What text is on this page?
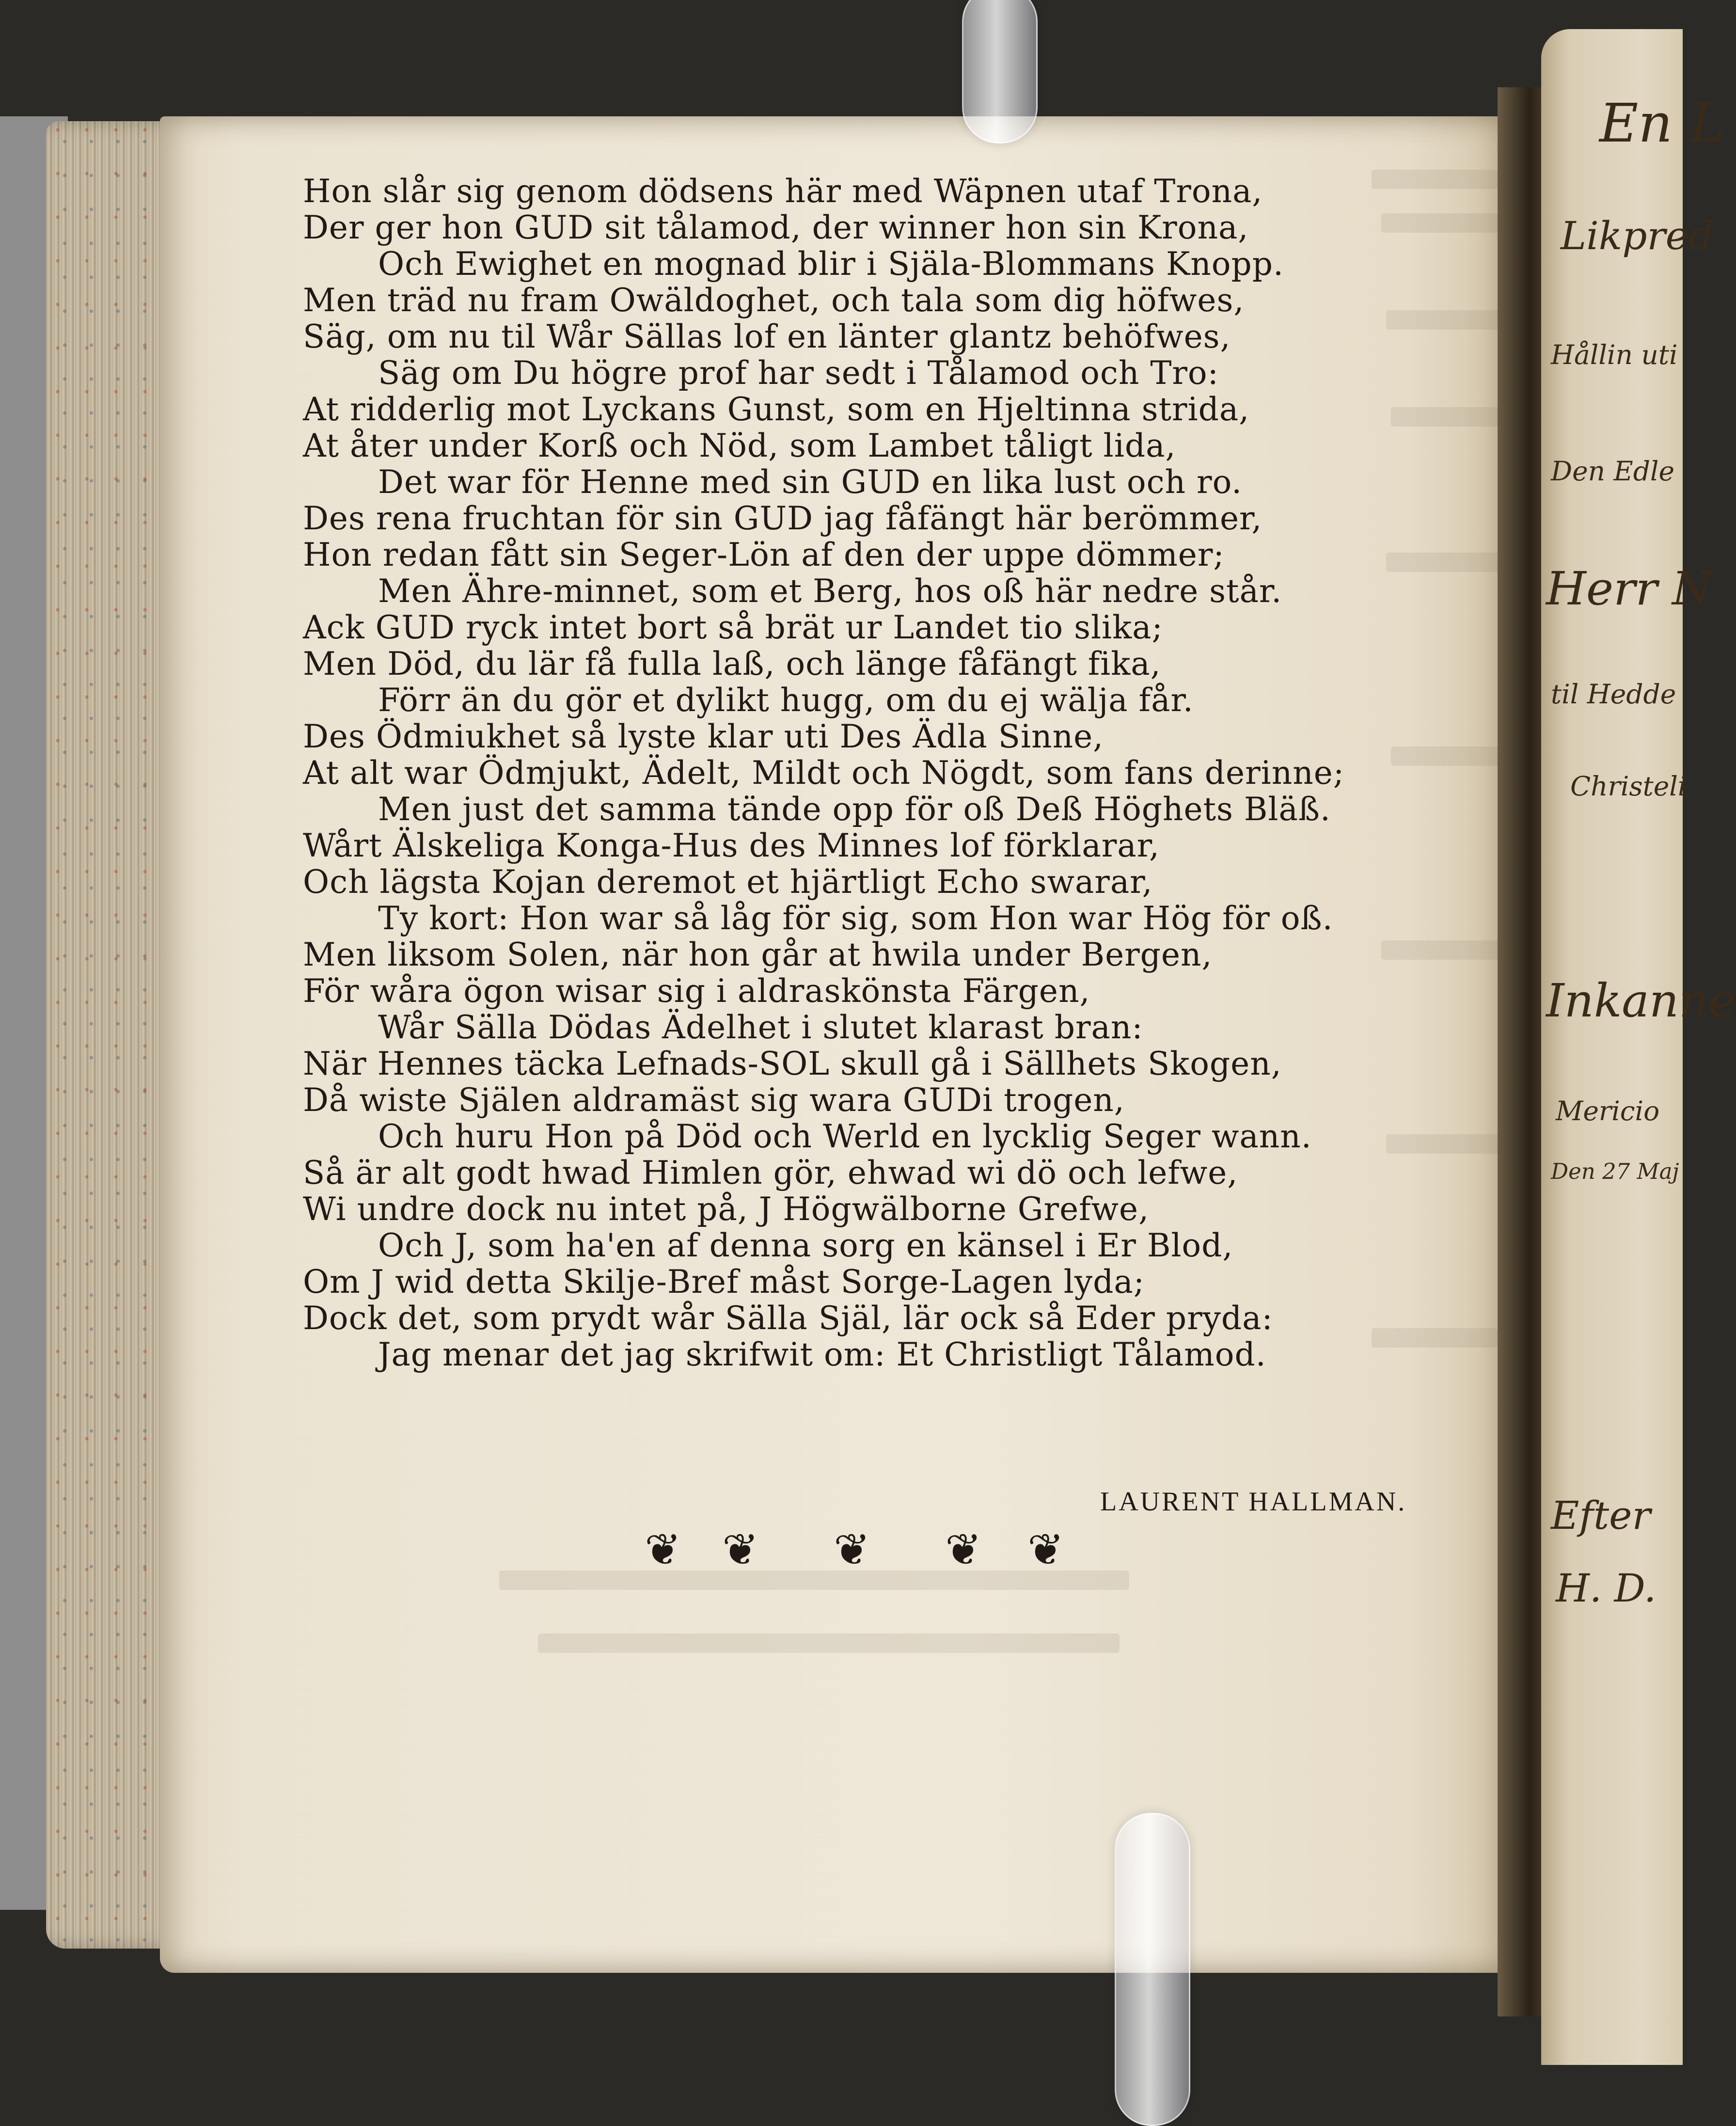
En L
Likpred
Hållin uti
Den Edle
Herr N
til Hedde
Christeli
Inkanne
Mericio
Den 27 Maj
Efter
H. D.
Hon slår sig genom dödsens här med Wäpnen utaf Trona,
Der ger hon GUD sit tålamod, der winner hon sin Krona,
Och Ewighet en mognad blir i Själa-Blommans Knopp.
Men träd nu fram Owäldoghet, och tala som dig höfwes,
Säg, om nu til Wår Sällas lof en länter glantz behöfwes,
Säg om Du högre prof har sedt i Tålamod och Tro:
At ridderlig mot Lyckans Gunst, som en Hjeltinna strida,
At åter under Korß och Nöd, som Lambet tåligt lida,
Det war för Henne med sin GUD en lika lust och ro.
Des rena fruchtan för sin GUD jag fåfängt här berömmer,
Hon redan fått sin Seger-Lön af den der uppe dömmer;
Men Ähre-minnet, som et Berg, hos oß här nedre står.
Ack GUD ryck intet bort så brät ur Landet tio slika;
Men Död, du lär få fulla laß, och länge fåfängt fika,
Förr än du gör et dylikt hugg, om du ej wälja får.
Des Ödmiukhet så lyste klar uti Des Ädla Sinne,
At alt war Ödmjukt, Ädelt, Mildt och Nögdt, som fans derinne;
Men just det samma tände opp för oß Deß Höghets Bläß.
Wårt Älskeliga Konga-Hus des Minnes lof förklarar,
Och lägsta Kojan deremot et hjärtligt Echo swarar,
Ty kort: Hon war så låg för sig, som Hon war Hög för oß.
Men liksom Solen, när hon går at hwila under Bergen,
För wåra ögon wisar sig i aldraskönsta Färgen,
Wår Sälla Dödas Ädelhet i slutet klarast bran:
När Hennes täcka Lefnads-SOL skull gå i Sällhets Skogen,
Då wiste Själen aldramäst sig wara GUDi trogen,
Och huru Hon på Död och Werld en lycklig Seger wann.
Så är alt godt hwad Himlen gör, ehwad wi dö och lefwe,
Wi undre dock nu intet på, J Högwälborne Grefwe,
Och J, som ha'en af denna sorg en känsel i Er Blod,
Om J wid detta Skilje-Bref måst Sorge-Lagen lyda;
Dock det, som prydt wår Sälla Själ, lär ock så Eder pryda:
Jag menar det jag skrifwit om: Et Christligt Tålamod.
LAURENT HALLMAN.
❦ ❦ ❦ ❦ ❦
